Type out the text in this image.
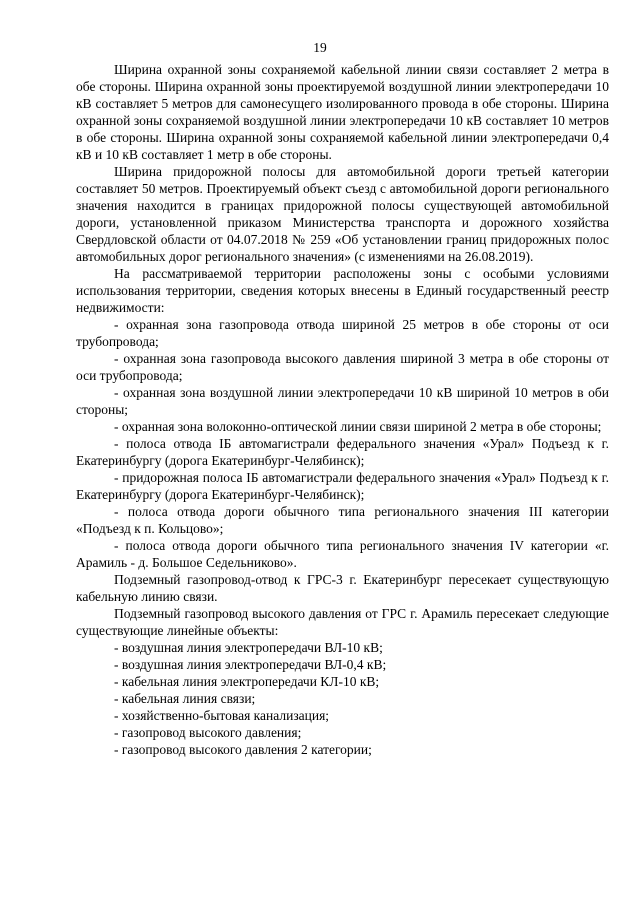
19

Ширина охранной зоны сохраняемой кабельной линии связи составляет 2 метра в обе стороны. Ширина охранной зоны проектируемой воздушной линии электропередачи 10 кВ составляет 5 метров для самонесущего изолированного провода в обе стороны. Ширина охранной зоны сохраняемой воздушной линии электропередачи 10 кВ составляет 10 метров в обе стороны. Ширина охранной зоны сохраняемой кабельной линии электропередачи 0,4 кВ и 10 кВ составляет 1 метр в обе стороны.

Ширина придорожной полосы для автомобильной дороги третьей категории составляет 50 метров. Проектируемый объект съезд с автомобильной дороги регионального значения находится в границах придорожной полосы существующей автомобильной дороги, установленной приказом Министерства транспорта и дорожного хозяйства Свердловской области от 04.07.2018 № 259 «Об установлении границ придорожных полос автомобильных дорог регионального значения» (с изменениями на 26.08.2019).

На рассматриваемой территории расположены зоны с особыми условиями использования территории, сведения которых внесены в Единый государственный реестр недвижимости:

- охранная зона газопровода отвода шириной 25 метров в обе стороны от оси трубопровода;

- охранная зона газопровода высокого давления шириной 3 метра в обе стороны от оси трубопровода;

- охранная зона воздушной линии электропередачи 10 кВ шириной 10 метров в оби стороны;

- охранная зона волоконно-оптической линии связи шириной 2 метра в обе стороны;

- полоса отвода IБ автомагистрали федерального значения «Урал» Подъезд к г. Екатеринбургу (дорога Екатеринбург-Челябинск);

- придорожная полоса IБ автомагистрали федерального значения «Урал» Подъезд к г. Екатеринбургу (дорога Екатеринбург-Челябинск);

- полоса отвода дороги обычного типа регионального значения III категории «Подъезд к п. Кольцово»;

- полоса отвода дороги обычного типа регионального значения IV категории «г. Арамиль - д. Большое Седельниково».

Подземный газопровод-отвод к ГРС-3 г. Екатеринбург пересекает существующую кабельную линию связи.

Подземный газопровод высокого давления от ГРС г. Арамиль пересекает следующие существующие линейные объекты:

- воздушная линия электропередачи ВЛ-10 кВ;

- воздушная линия электропередачи ВЛ-0,4 кВ;

- кабельная линия электропередачи КЛ-10 кВ;

- кабельная линия связи;

- хозяйственно-бытовая канализация;

- газопровод высокого давления;

- газопровод высокого давления 2 категории;
